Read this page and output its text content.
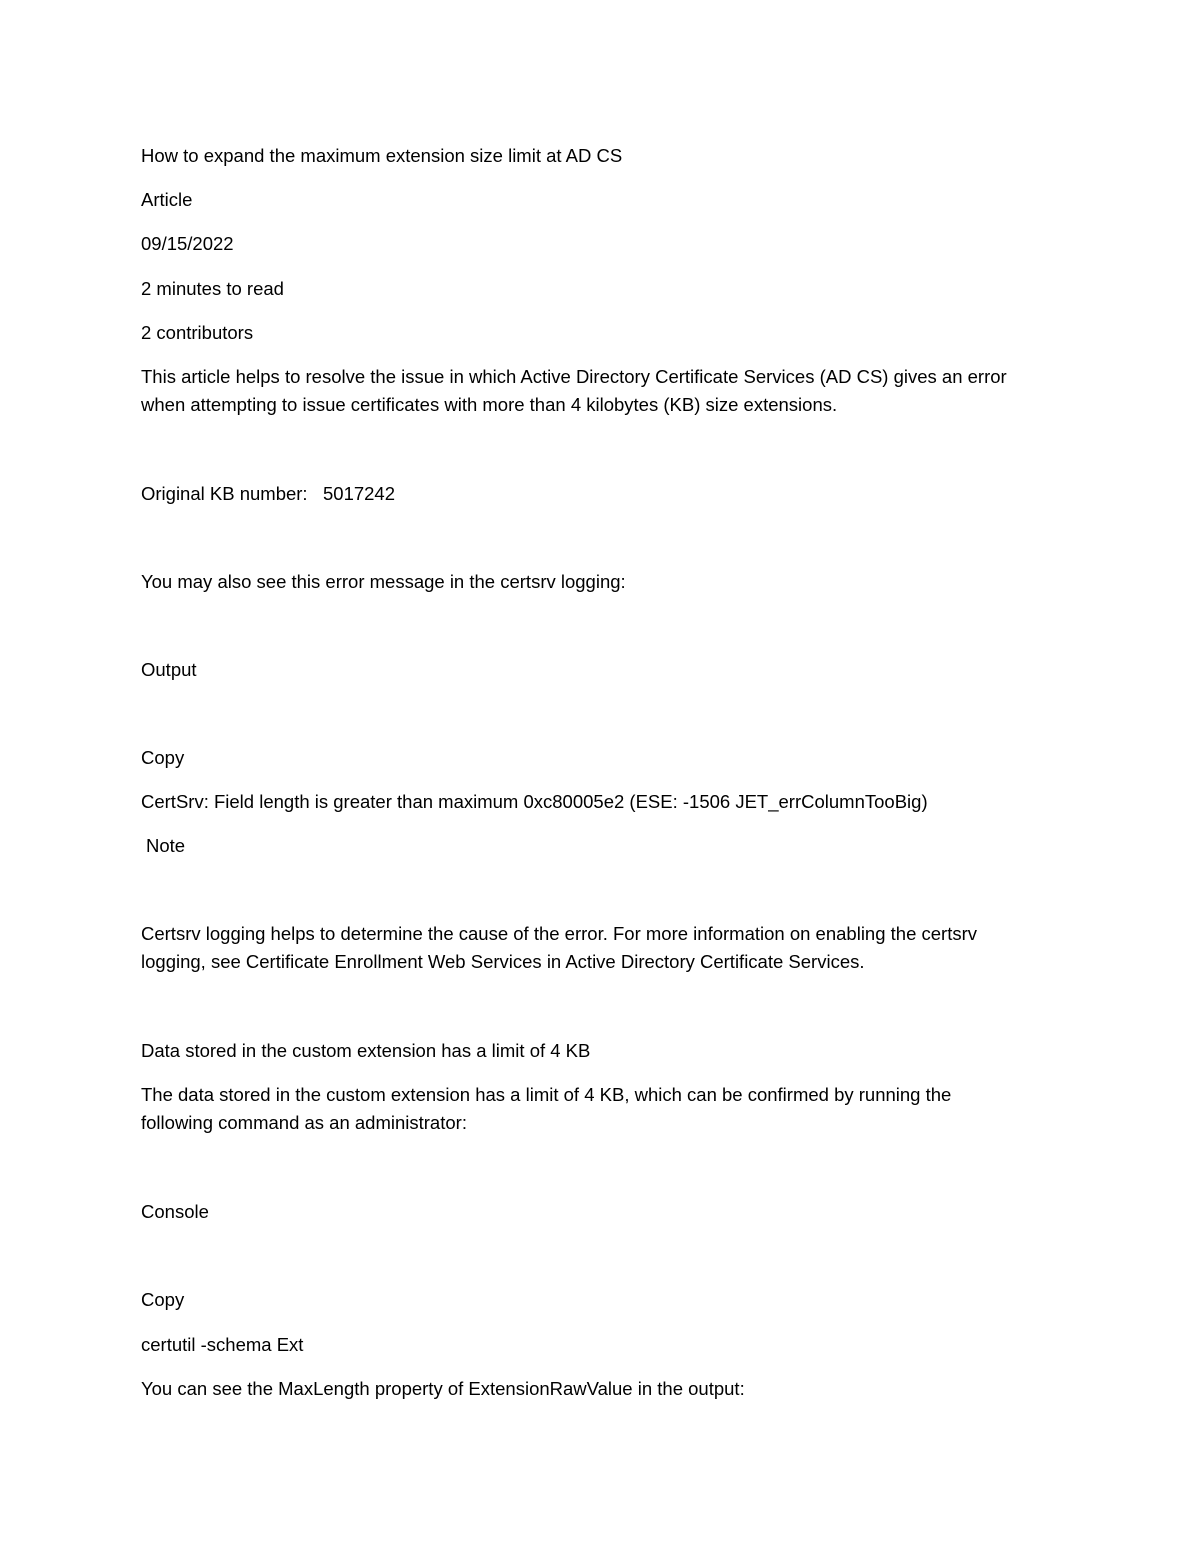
How to expand the maximum extension size limit at AD CS

Article

09/15/2022

2 minutes to read

2 contributors

This article helps to resolve the issue in which Active Directory Certificate Services (AD CS) gives an error
when attempting to issue certificates with more than 4 kilobytes (KB) size extensions.

Original KB number:   5017242

You may also see this error message in the certsrv logging:

Output

Copy

CertSrv: Field length is greater than maximum 0xc80005e2 (ESE: -1506 JET_errColumnTooBig)

Note

Certsrv logging helps to determine the cause of the error. For more information on enabling the certsrv
logging, see Certificate Enrollment Web Services in Active Directory Certificate Services.

Data stored in the custom extension has a limit of 4 KB

The data stored in the custom extension has a limit of 4 KB, which can be confirmed by running the
following command as an administrator:

Console

Copy

certutil -schema Ext

You can see the MaxLength property of ExtensionRawValue in the output:
